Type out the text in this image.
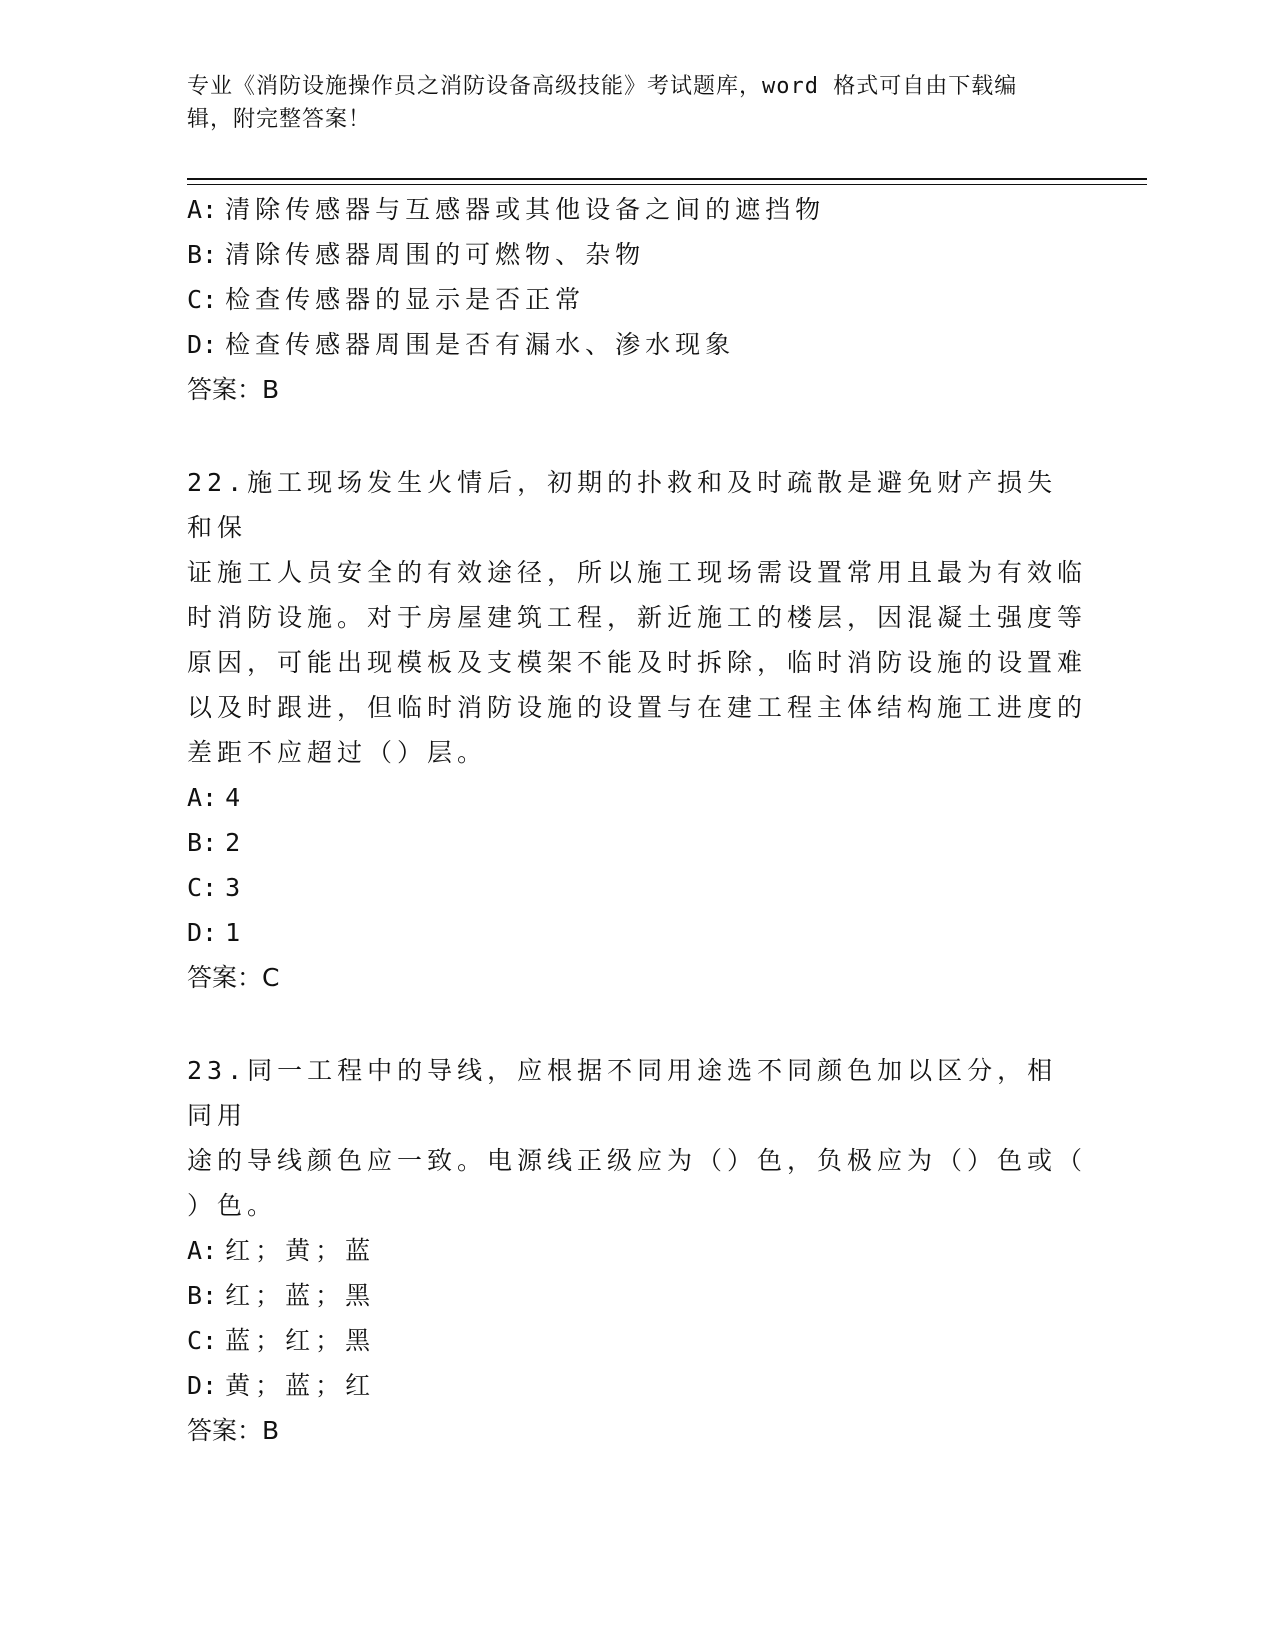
专业《消防设施操作员之消防设备高级技能》考试题库，word 格式可自由下载编
辑，附完整答案！
A: 清除传感器与互感器或其他设备之间的遮挡物
B: 清除传感器周围的可燃物、杂物
C: 检查传感器的显示是否正常
D: 检查传感器周围是否有漏水、渗水现象
答案：B
22.施工现场发生火情后，初期的扑救和及时疏散是避免财产损失和保
证施工人员安全的有效途径，所以施工现场需设置常用且最为有效临
时消防设施。对于房屋建筑工程，新近施工的楼层，因混凝土强度等
原因，可能出现模板及支模架不能及时拆除，临时消防设施的设置难
以及时跟进，但临时消防设施的设置与在建工程主体结构施工进度的
差距不应超过（）层。
A: 4
B: 2
C: 3
D: 1
答案：C
23.同一工程中的导线，应根据不同用途选不同颜色加以区分，相同用
途的导线颜色应一致。电源线正级应为（）色，负极应为（）色或（
）色。
A: 红；黄；蓝
B: 红；蓝；黑
C: 蓝；红；黑
D: 黄；蓝；红
答案：B
